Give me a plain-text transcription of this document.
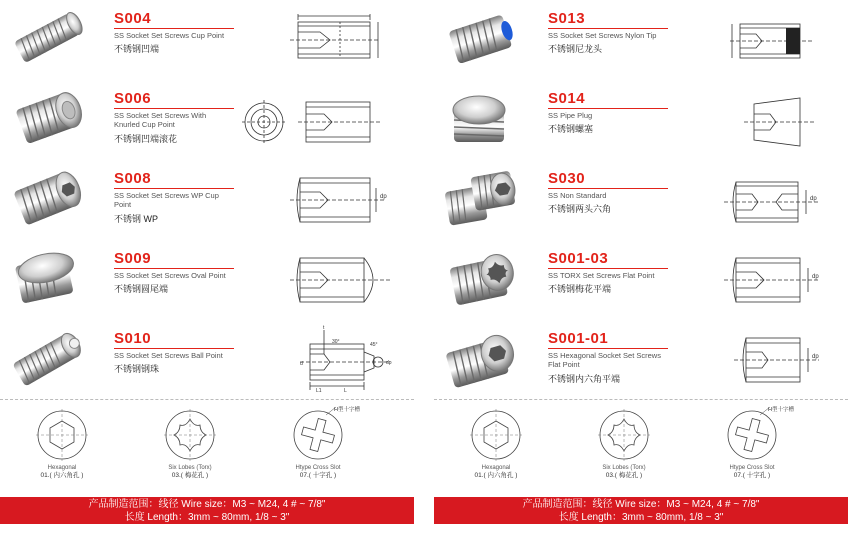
S004
SS Socket Set Screws Cup Point
不锈钢凹端
S006
SS Socket Set Screws With Knurled Cup Point
不锈钢凹端滚花
S008
SS Socket Set Screws WP Cup Point
不锈钢 WP
dp
S009
SS Socket Set Screws Oval Point
不锈钢圆尾端
S010
SS Socket Set Screws Ball Point
不锈钢钢珠
t
30°	45°
d
L1	L
dp
Hexagonal
01.( 内六角孔 )
Six Lobes (Torx)
03.( 梅花孔 )
Htype Cross Slot
07.( 十字孔 )
H型十字槽
产品制造范围：线径 Wire size：M3 ~ M24, 4 # ~ 7/8"
长度 Length：3mm ~ 80mm, 1/8 ~ 3"
S013
SS Socket Set Screws Nylon Tip
不锈钢尼龙头
S014
SS Pipe Plug
不锈钢螺塞
S030
SS Non Standard
不锈钢两头六角
dp
S001-03
SS TORX Set Screws Flat Point
不锈钢梅花平端
dp
S001-01
SS Hexagonal Socket Set Screws Flat Point
不锈钢内六角平端
dp
Hexagonal
01.( 内六角孔 )
Six Lobes (Torx)
03.( 梅花孔 )
Htype Cross Slot
07.( 十字孔 )
H型十字槽
产品制造范围：线径 Wire size：M3 ~ M24, 4 # ~ 7/8"
长度 Length：3mm ~ 80mm, 1/8 ~ 3"
